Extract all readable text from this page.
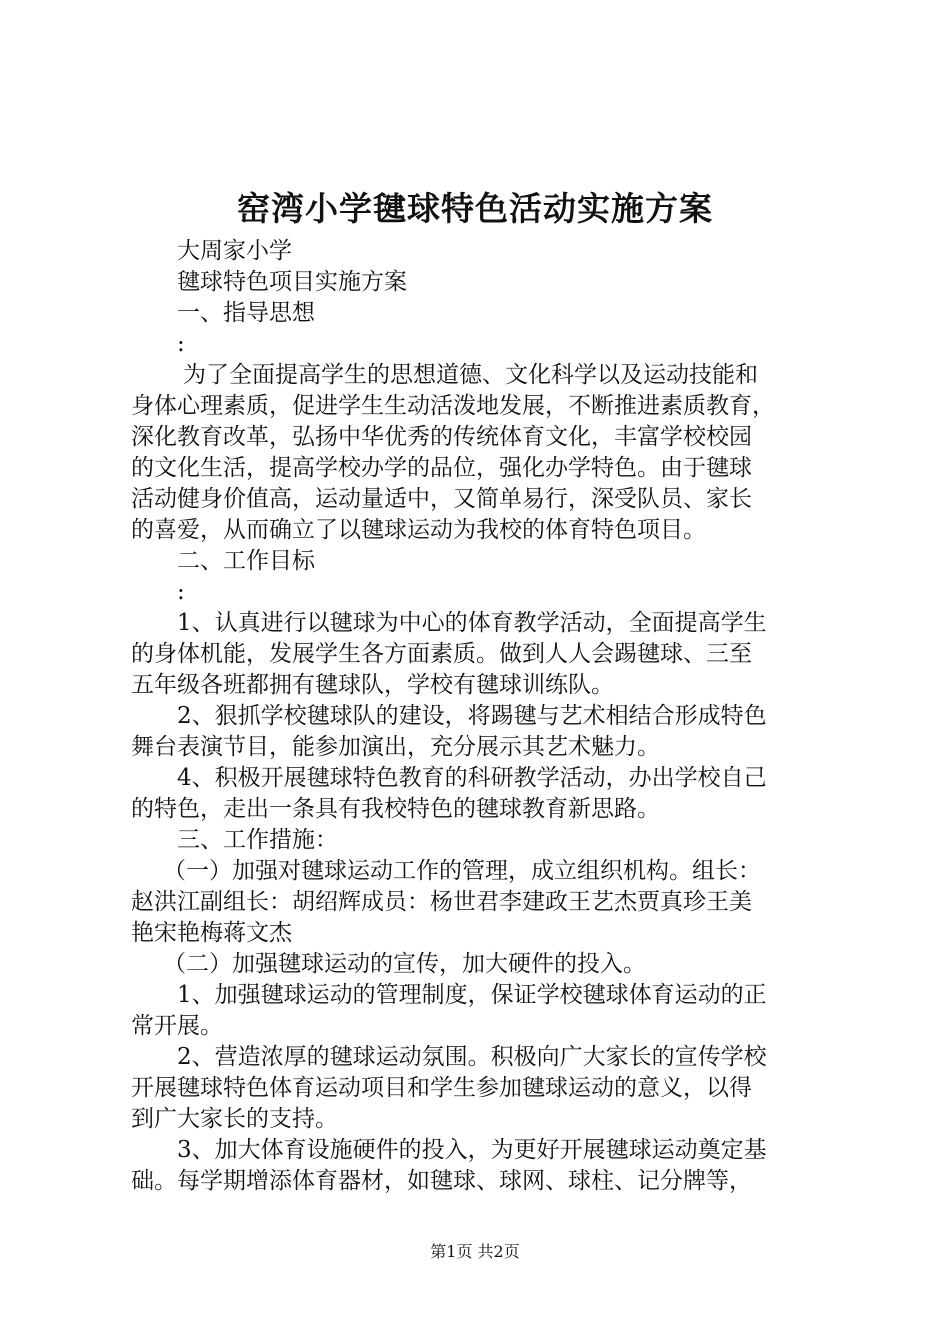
窑湾小学毽球特色活动实施方案
大周家小学
毽球特色项目实施方案
一、指导思想
:
为了全面提高学生的思想道德、文化科学以及运动技能和
身体心理素质，促进学生生动活泼地发展，不断推进素质教育，
深化教育改革，弘扬中华优秀的传统体育文化，丰富学校校园
的文化生活，提高学校办学的品位，强化办学特色。由于毽球
活动健身价值高，运动量适中，又简单易行，深受队员、家长
的喜爱，从而确立了以毽球运动为我校的体育特色项目。
二、工作目标
:
1、认真进行以毽球为中心的体育教学活动，全面提高学生
的身体机能，发展学生各方面素质。做到人人会踢毽球、三至
五年级各班都拥有毽球队，学校有毽球训练队。
2、狠抓学校毽球队的建设，将踢毽与艺术相结合形成特色
舞台表演节目，能参加演出，充分展示其艺术魅力。
4、积极开展毽球特色教育的科研教学活动，办出学校自己
的特色，走出一条具有我校特色的毽球教育新思路。
三、工作措施：
（一）加强对毽球运动工作的管理，成立组织机构。组长：
赵洪江副组长：胡绍辉成员：杨世君李建政王艺杰贾真珍王美
艳宋艳梅蒋文杰
（二）加强毽球运动的宣传，加大硬件的投入。
1、加强毽球运动的管理制度，保证学校毽球体育运动的正
常开展。
2、营造浓厚的毽球运动氛围。积极向广大家长的宣传学校
开展毽球特色体育运动项目和学生参加毽球运动的意义，以得
到广大家长的支持。
3、加大体育设施硬件的投入，为更好开展毽球运动奠定基
础。每学期增添体育器材，如毽球、球网、球柱、记分牌等，
第1页 共2页
